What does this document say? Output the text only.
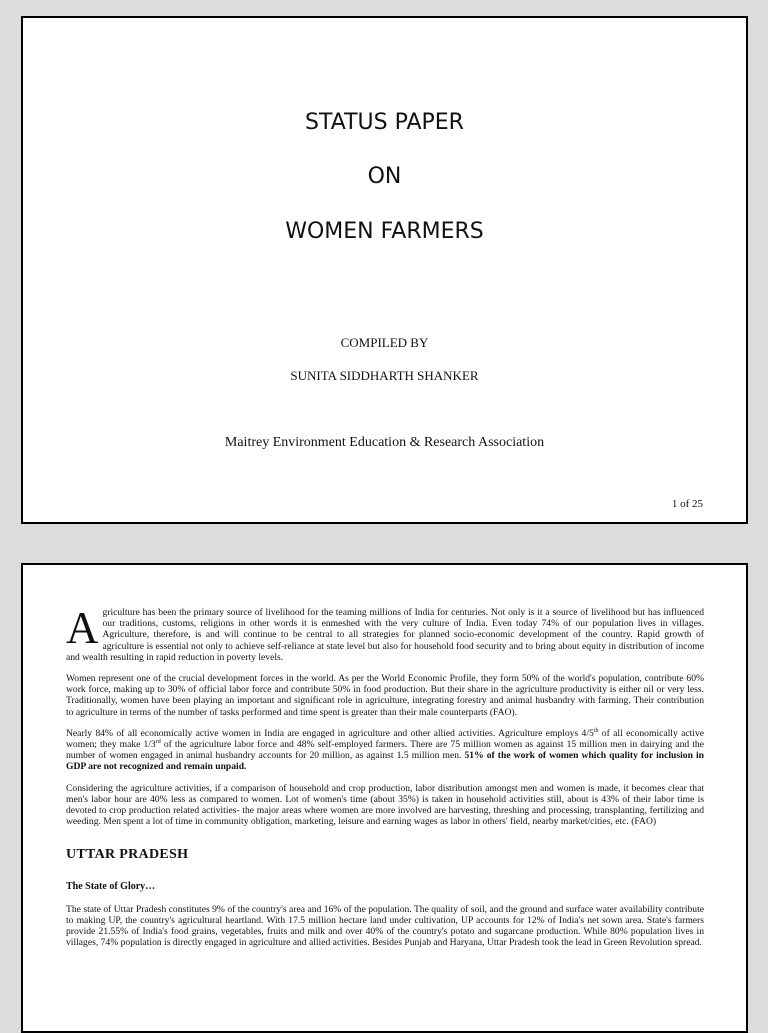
STATUS PAPER
ON
WOMEN FARMERS
COMPILED BY
SUNITA SIDDHARTH SHANKER
Maitrey Environment Education & Research Association
1 of 25

Agriculture has been the primary source of livelihood for the teaming millions of India for centuries. Not only is it a source of livelihood but has influenced our traditions, customs, religions in other words it is enmeshed with the very culture of India. Even today 74% of our population lives in villages. Agriculture, therefore, is and will continue to be central to all strategies for planned socio-economic development of the country. Rapid growth of agriculture is essential not only to achieve self-reliance at state level but also for household food security and to bring about equity in distribution of income and wealth resulting in rapid reduction in poverty levels.

Women represent one of the crucial development forces in the world. As per the World Economic Profile, they form 50% of the world's population, contribute 60% work force, making up to 30% of official labor force and contribute 50% in food production. But their share in the agriculture productivity is either nil or very less. Traditionally, women have been playing an important and significant role in agriculture, integrating forestry and animal husbandry with farming. Their contribution to agriculture in terms of the number of tasks performed and time spent is greater than their male counterparts (FAO).

Nearly 84% of all economically active women in India are engaged in agriculture and other allied activities. Agriculture employs 4/5th of all economically active women; they make 1/3rd of the agriculture labor force and 48% self-employed farmers. There are 75 million women as against 15 million men in dairying and the number of women engaged in animal husbandry accounts for 20 million, as against 1.5 million men. 51% of the work of women which quality for inclusion in GDP are not recognized and remain unpaid.

Considering the agriculture activities, if a comparison of household and crop production, labor distribution amongst men and women is made, it becomes clear that men's labor hour are 40% less as compared to women. Lot of women's time (about 35%) is taken in household activities still, about is 43% of their labor time is devoted to crop production related activities- the major areas where women are more involved are harvesting, threshing and processing, transplanting, fertilizing and weeding. Men spent a lot of time in community obligation, marketing, leisure and earning wages as labor in others' field, nearby market/cities, etc. (FAO)

UTTAR PRADESH
The State of Glory…

The state of Uttar Pradesh constitutes 9% of the country's area and 16% of the population. The quality of soil, and the ground and surface water availability contribute to making UP, the country's agricultural heartland. With 17.5 million hectare land under cultivation, UP accounts for 12% of India's net sown area. State's farmers provide 21.55% of India's food grains, vegetables, fruits and milk and over 40% of the country's potato and sugarcane production. While 80% population lives in villages, 74% population is directly engaged in agriculture and allied activities. Besides Punjab and Haryana, Uttar Pradesh took the lead in Green Revolution spread.
